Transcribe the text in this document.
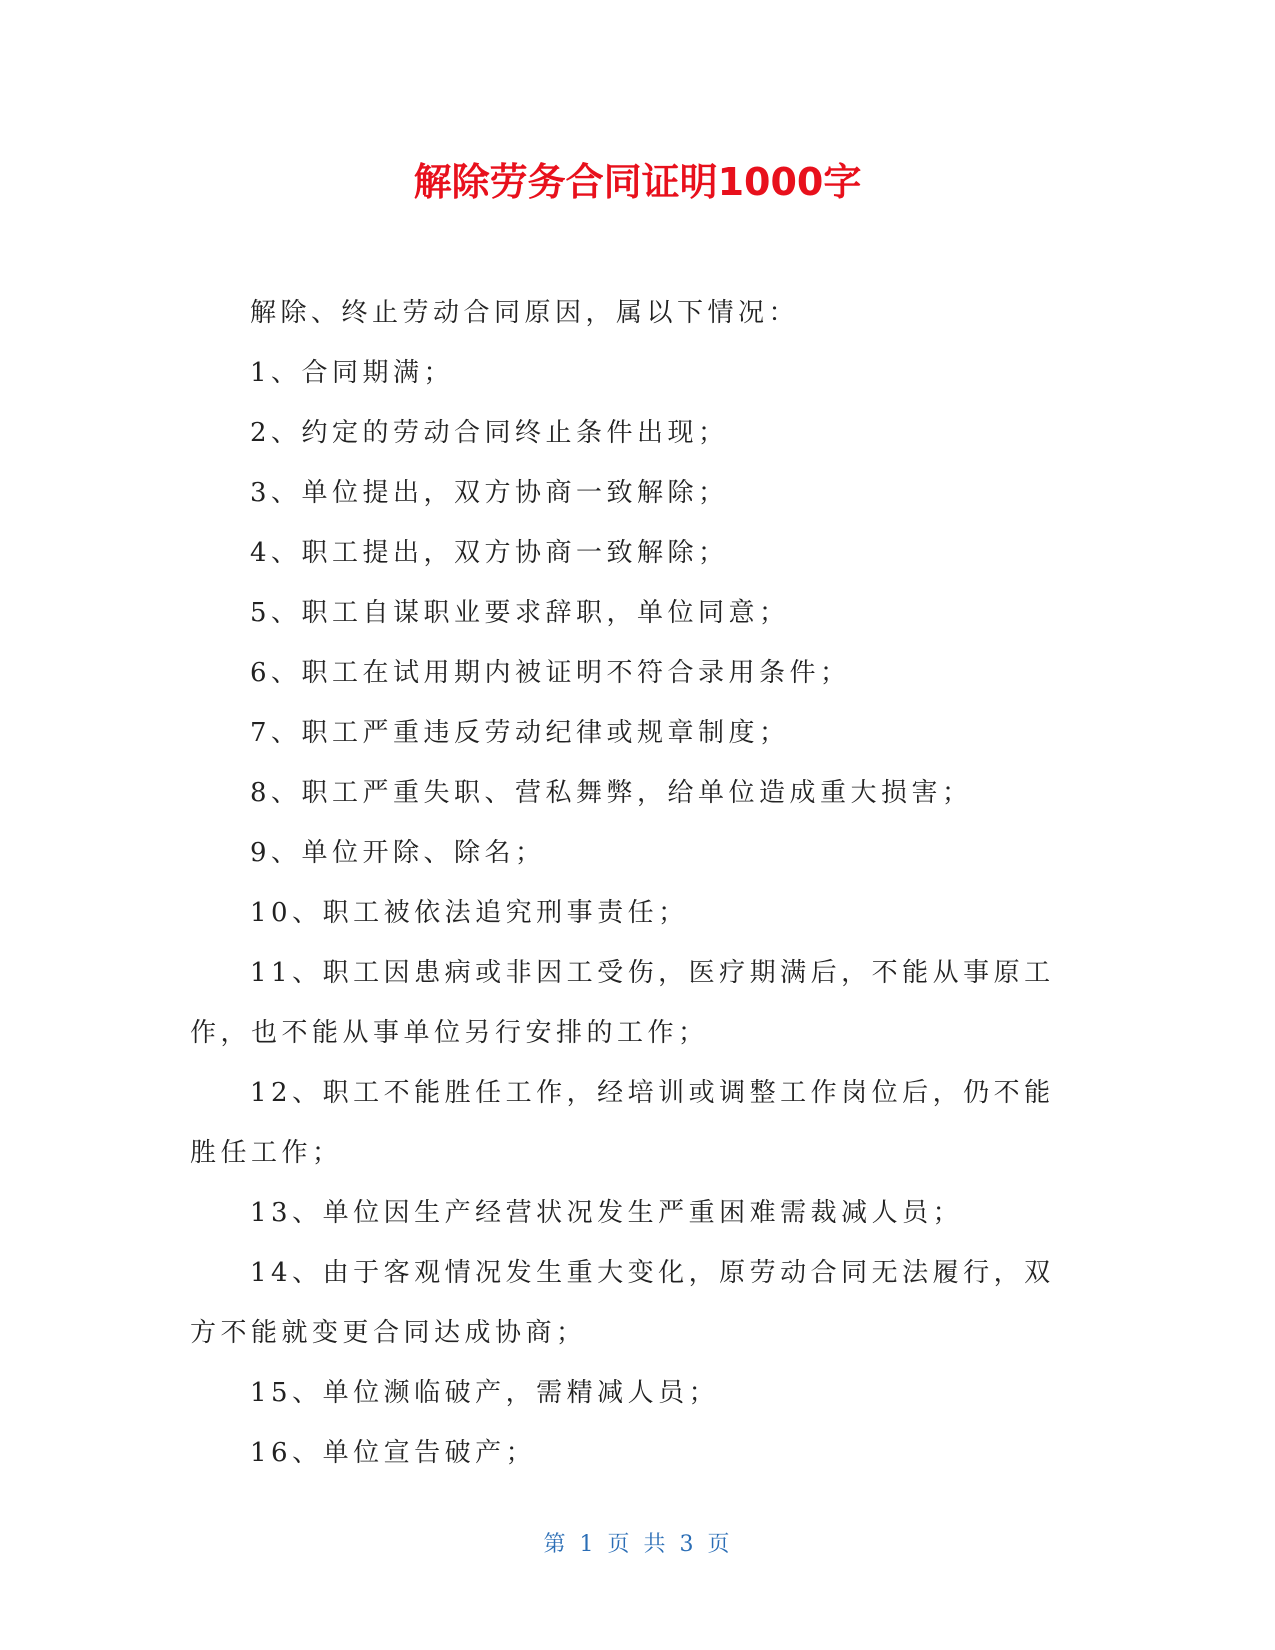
解除劳务合同证明1000字

解除、终止劳动合同原因，属以下情况：

1、合同期满；

2、约定的劳动合同终止条件出现；

3、单位提出，双方协商一致解除；

4、职工提出，双方协商一致解除；

5、职工自谋职业要求辞职，单位同意；

6、职工在试用期内被证明不符合录用条件；

7、职工严重违反劳动纪律或规章制度；

8、职工严重失职、营私舞弊，给单位造成重大损害；

9、单位开除、除名；

10、职工被依法追究刑事责任；

11、职工因患病或非因工受伤，医疗期满后，不能从事原工作，也不能从事单位另行安排的工作；

12、职工不能胜任工作，经培训或调整工作岗位后，仍不能胜任工作；

13、单位因生产经营状况发生严重困难需裁减人员；

14、由于客观情况发生重大变化，原劳动合同无法履行，双方不能就变更合同达成协商；

15、单位濒临破产，需精减人员；

16、单位宣告破产；

第 1 页 共 3 页
